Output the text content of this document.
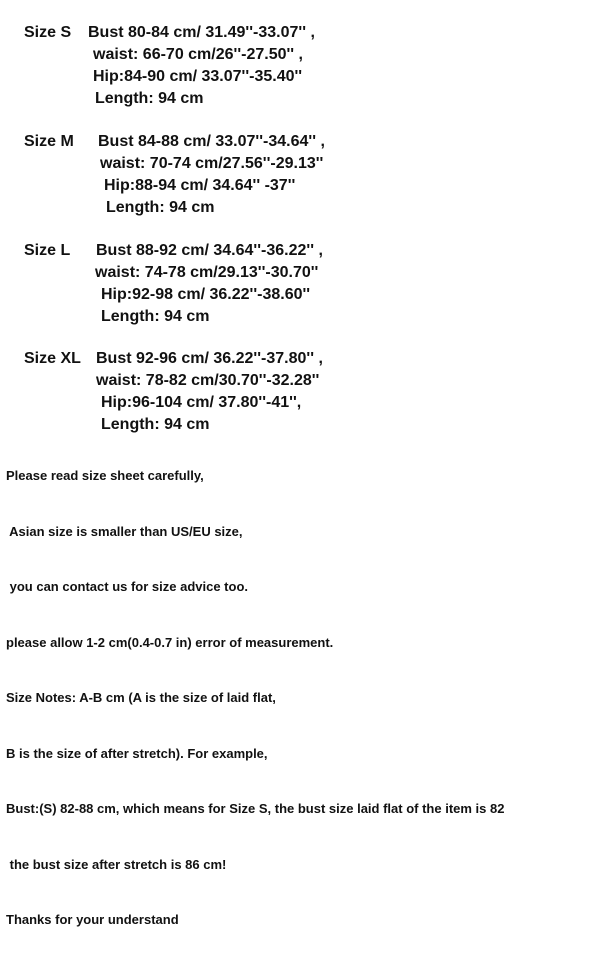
Size S

Bust 80-84 cm/ 31.49''-33.07'' ,

waist: 66-70 cm/26''-27.50'' ,

Hip:84-90 cm/ 33.07''-35.40''

Length: 94 cm

Size M

Bust 84-88 cm/ 33.07''-34.64'' ,

waist: 70-74 cm/27.56''-29.13''

Hip:88-94 cm/ 34.64'' -37''

Length: 94 cm

Size L

Bust 88-92 cm/ 34.64''-36.22'' ,

waist: 74-78 cm/29.13''-30.70''

Hip:92-98 cm/ 36.22''-38.60''

Length: 94 cm

Size XL

Bust 92-96 cm/ 36.22''-37.80'' ,

waist: 78-82 cm/30.70''-32.28''

Hip:96-104 cm/ 37.80''-41'',

Length: 94 cm

Please read size sheet carefully,

Asian size is smaller than US/EU size,

you can contact us for size advice too.

please allow 1-2 cm(0.4-0.7 in) error of measurement.

Size Notes: A-B cm (A is the size of laid flat,

B is the size of after stretch). For example,

Bust:(S) 82-88 cm, which means for Size S, the bust size laid flat of the item is 82

the bust size after stretch is 86 cm!

Thanks for your understand
